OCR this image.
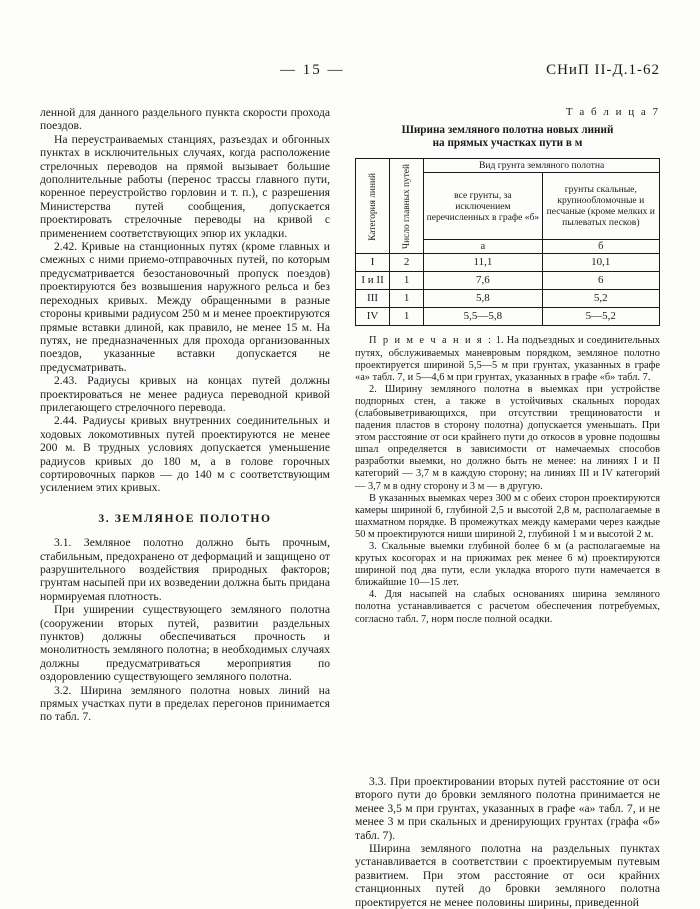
— 15 —	СНиП II-Д.1-62

ленной для данного раздельного пункта скорости прохода поездов.

На переустраиваемых станциях, разъездах и обгонных пунктах в исключительных случаях, когда расположение стрелочных переводов на прямой вызывает большие дополнительные работы (перенос трассы главного пути, коренное переустройство горловин и т. п.), с разрешения Министерства путей сообщения, допускается проектировать стрелочные переводы на кривой с применением соответствующих эпюр их укладки.

2.42. Кривые на станционных путях (кроме главных и смежных с ними приемо-отправочных путей, по которым предусматривается безостановочный пропуск поездов) проектируются без возвышения наружного рельса и без переходных кривых. Между обращенными в разные стороны кривыми радиусом 250 м и менее проектируются прямые вставки длиной, как правило, не менее 15 м. На путях, не предназначенных для прохода организованных поездов, указанные вставки допускается не предусматривать.

2.43. Радиусы кривых на концах путей должны проектироваться не менее радиуса переводной кривой прилегающего стрелочного перевода.

2.44. Радиусы кривых внутренних соединительных и ходовых локомотивных путей проектируются не менее 200 м. В трудных условиях допускается уменьшение радиусов кривых до 180 м, а в голове горочных сортировочных парков — до 140 м с соответствующим усилением этих кривых.

3. ЗЕМЛЯНОЕ ПОЛОТНО

3.1. Земляное полотно должно быть прочным, стабильным, предохранено от деформаций и защищено от разрушительного воздействия природных факторов; грунтам насыпей при их возведении должна быть придана нормируемая плотность.

При уширении существующего земляного полотна (сооружении вторых путей, развитии раздельных пунктов) должны обеспечиваться прочность и монолитность земляного полотна; в необходимых случаях должны предусматриваться мероприятия по оздоровлению существующего земляного полотна.

3.2. Ширина земляного полотна новых линий на прямых участках пути в пределах перегонов принимается по табл. 7.

Т а б л и ц а 7
Ширина земляного полотна новых линий
на прямых участках пути в м
Категория линий	Число главных путей	Вид грунта земляного полотна	
		все грунты, за исключением перечисленных в графе «б»	грунты скальные, крупнообломочные и песчаные (кроме мелких и пылеватых песков)
		а	б
I	2	11,1	10,1
I и II	1	7,6	6
III	1	5,8	5,2
IV	1	5,5—5,8	5—5,2

П р и м е ч а н и я : 1. На подъездных и соединительных путях, обслуживаемых маневровым порядком, земляное полотно проектируется шириной 5,5—5 м при грунтах, указанных в графе «а» табл. 7, и 5—4,6 м при грунтах, указанных в графе «б» табл. 7.

2. Ширину земляного полотна в выемках при устройстве подпорных стен, а также в устойчивых скальных породах (слабовыветривающихся, при отсутствии трещиноватости и падения пластов в сторону полотна) допускается уменьшать. При этом расстояние от оси крайнего пути до откосов в уровне подошвы шпал определяется в зависимости от намечаемых способов разработки выемки, но должно быть не менее: на линиях I и II категорий — 3,7 м в каждую сторону; на линиях III и IV категорий — 3,7 м в одну сторону и 3 м — в другую.

В указанных выемках через 300 м с обеих сторон проектируются камеры шириной 6, глубиной 2,5 и высотой 2,8 м, располагаемые в шахматном порядке. В промежутках между камерами через каждые 50 м проектируются ниши шириной 2, глубиной 1 м и высотой 2 м.

3. Скальные выемки глубиной более 6 м (а располагаемые на крутых косогорах и на прижимах рек менее 6 м) проектируются шириной под два пути, если укладка второго пути намечается в ближайшие 10—15 лет.

4. Для насыпей на слабых основаниях ширина земляного полотна устанавливается с расчетом обеспечения потребуемых, согласно табл. 7, норм после полной осадки.

3.3. При проектировании вторых путей расстояние от оси второго пути до бровки земляного полотна принимается не менее 3,5 м при грунтах, указанных в графе «а» табл. 7, и не менее 3 м при скальных и дренирующих грунтах (графа «б» табл. 7).

Ширина земляного полотна на раздельных пунктах устанавливается в соответствии с проектируемым путевым развитием. При этом расстояние от оси крайних станционных путей до бровки земляного полотна проектируется не менее половины ширины, приведенной
